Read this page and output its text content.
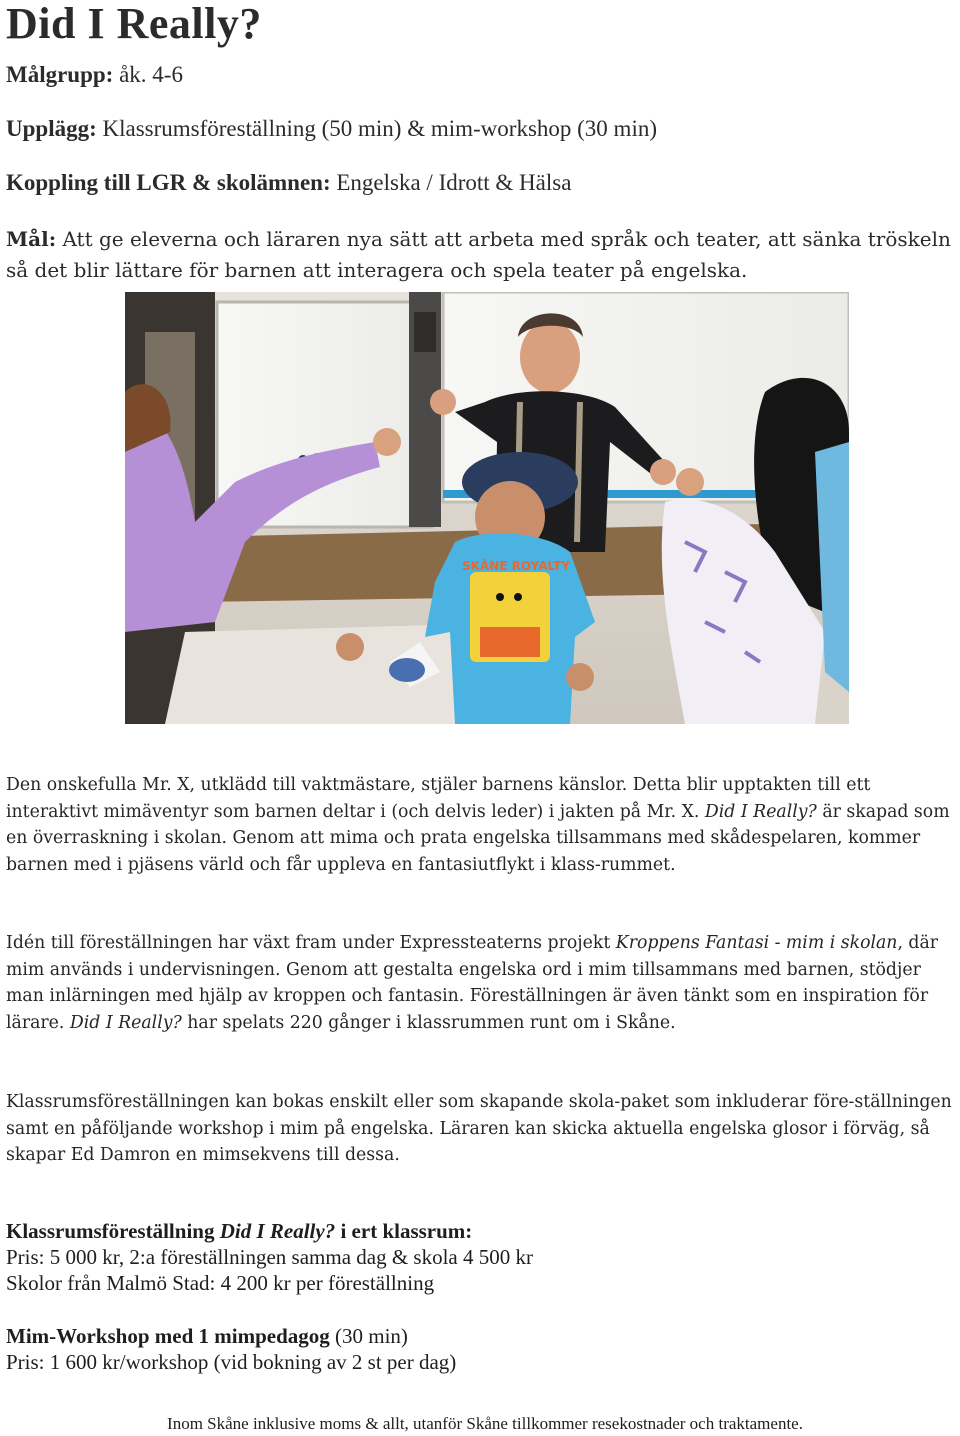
Did I Really?

Målgrupp: åk. 4-6

Upplägg: Klassrumsföreställning (50 min) & mim-workshop (30 min)

Koppling till LGR & skolämnen: Engelska / Idrott & Hälsa

Mål: Att ge eleverna och läraren nya sätt att arbeta med språk och teater, att sänka tröskeln så det blir lättare för barnen att interagera och spela teater på engelska.

SKÅNE ROYALTY

Den onskefulla Mr. X, utklädd till vaktmästare, stjäler barnens känslor. Detta blir upptakten till ett interaktivt mimäventyr som barnen deltar i (och delvis leder) i jakten på Mr. X. Did I Really? är skapad som en överraskning i skolan. Genom att mima och prata engelska tillsammans med skådespelaren, kommer barnen med i pjäsens värld och får uppleva en fantasiutflykt i klass-rummet.

Idén till föreställningen har växt fram under Expressteaterns projekt Kroppens Fantasi - mim i skolan, där mim används i undervisningen. Genom att gestalta engelska ord i mim tillsammans med barnen, stödjer man inlärningen med hjälp av kroppen och fantasin. Föreställningen är även tänkt som en inspiration för lärare. Did I Really? har spelats 220 gånger i klassrummen runt om i Skåne.

Klassrumsföreställningen kan bokas enskilt eller som skapande skola-paket som inkluderar före-ställningen samt en påföljande workshop i mim på engelska. Läraren kan skicka aktuella engelska glosor i förväg, så skapar Ed Damron en mimsekvens till dessa.

Klassrumsföreställning Did I Really? i ert klassrum:

Pris: 5 000 kr, 2:a föreställningen samma dag & skola 4 500 kr

Skolor från Malmö Stad: 4 200 kr per föreställning

Mim-Workshop med 1 mimpedagog (30 min)

Pris: 1 600 kr/workshop (vid bokning av 2 st per dag)

Inom Skåne inklusive moms & allt, utanför Skåne tillkommer resekostnader och traktamente.
